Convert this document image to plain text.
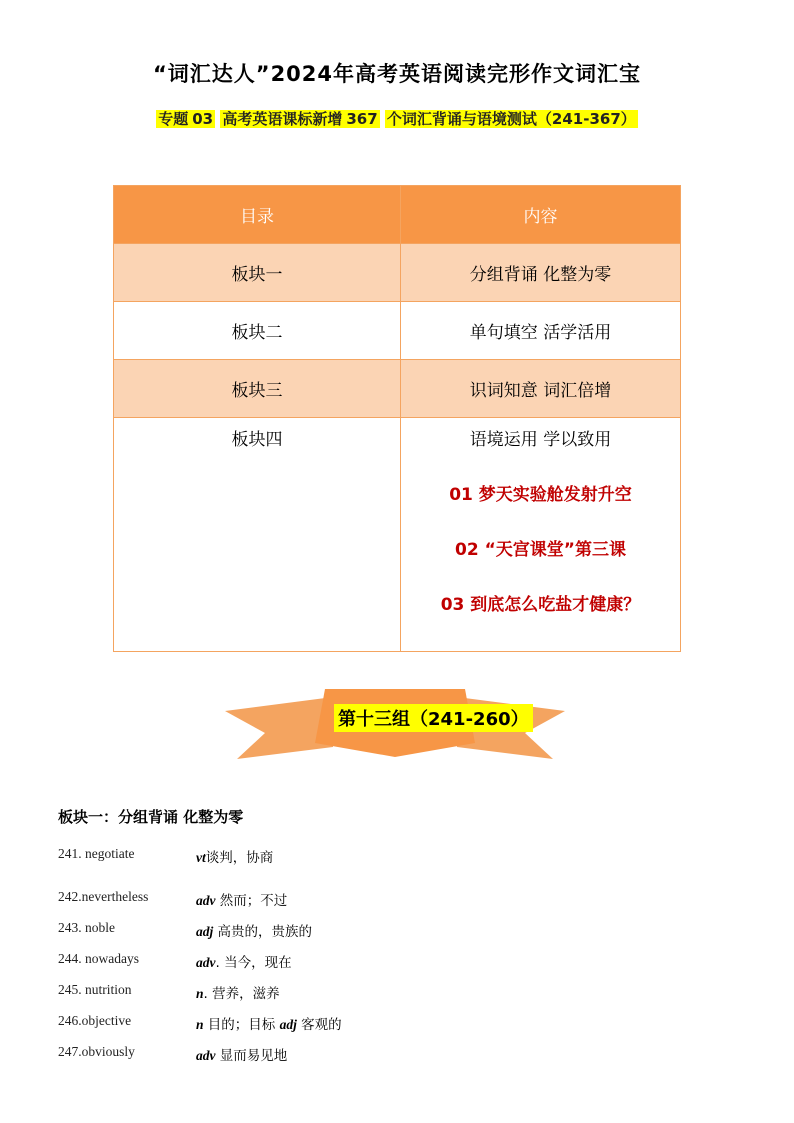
“词汇达人”2024年高考英语阅读完形作文词汇宝
专题 03 高考英语课标新增 367 个词汇背诵与语境测试（241-367）
目录	内容
板块一	分组背诵 化整为零
板块二	单句填空 活学活用
板块三	识词知意 词汇倍增

板块四	语境运用 学以致用
01 梦天实验舱发射升空
02 “天宫课堂”第三课
03 到底怎么吃盐才健康？
第十三组（241-260）
板块一：分组背诵 化整为零
241. negotiate	vt谈判，协商
242.nevertheless	adv 然而；不过
243. noble	adj 高贵的，贵族的
244. nowadays	adv. 当今，现在
245. nutrition	n. 营养，滋养
246.objective	n 目的；目标 adj 客观的
247.obviously	adv 显而易见地
